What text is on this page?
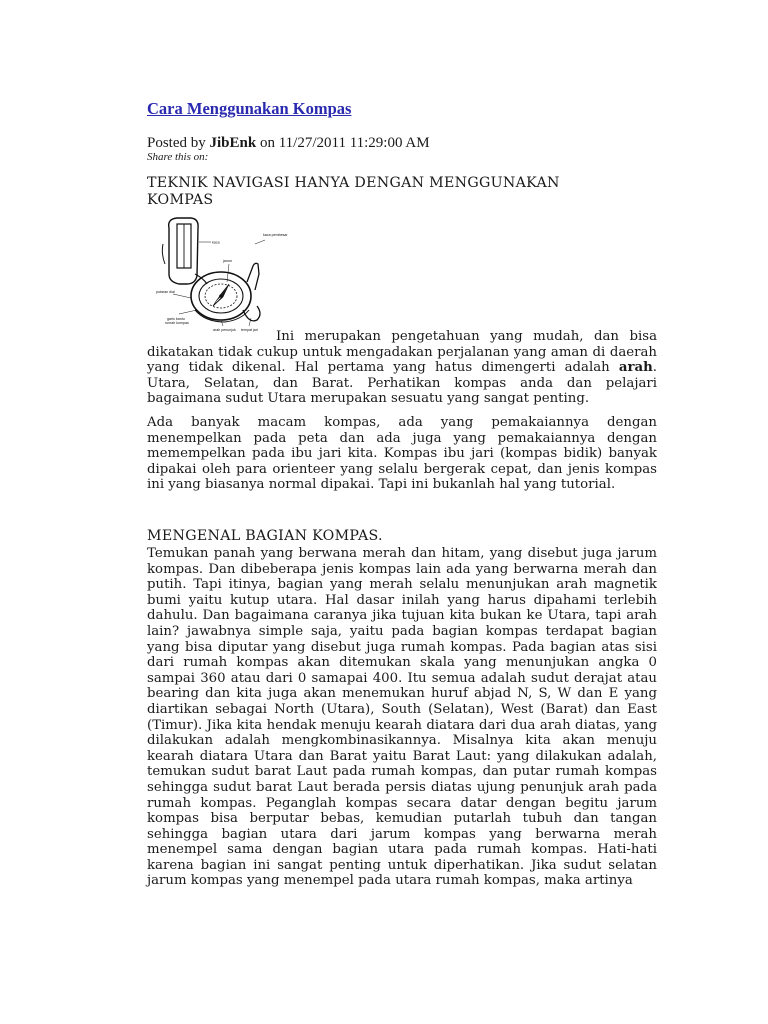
Cara Menggunakan Kompas
Posted by JibEnk on 11/27/2011 11:29:00 AM
Share this on:
TEKNIK NAVIGASI HANYA DENGAN MENGGUNAKAN KOMPAS
kaca
kaca pembesar
jarum
putaran dial
garis bantu
rumah kompas
arah penunjuk tempat jari	Ini merupakan pengetahuan yang mudah, dan bisa dikatakan tidak cukup untuk mengadakan perjalanan yang aman di daerah yang tidak dikenal. Hal pertama yang hatus dimengerti adalah arah. Utara, Selatan, dan Barat. Perhatikan kompas anda dan pelajari bagaimana sudut Utara merupakan sesuatu yang sangat penting.
Ada banyak macam kompas, ada yang pemakaiannya dengan menempelkan pada peta dan ada juga yang pemakaiannya dengan memempelkan pada ibu jari kita. Kompas ibu jari (kompas bidik) banyak dipakai oleh para orienteer yang selalu bergerak cepat, dan jenis kompas ini yang biasanya normal dipakai. Tapi ini bukanlah hal yang tutorial.
MENGENAL BAGIAN KOMPAS.
Temukan panah yang berwana merah dan hitam, yang disebut juga jarum kompas. Dan dibeberapa jenis kompas lain ada yang berwarna merah dan putih. Tapi itinya, bagian yang merah selalu menunjukan arah magnetik bumi yaitu kutup utara. Hal dasar inilah yang harus dipahami terlebih dahulu. Dan bagaimana caranya jika tujuan kita bukan ke Utara, tapi arah lain? jawabnya simple saja, yaitu pada bagian kompas terdapat bagian yang bisa diputar yang disebut juga rumah kompas. Pada bagian atas sisi dari rumah kompas akan ditemukan skala yang menunjukan angka 0 sampai 360 atau dari 0 samapai 400. Itu semua adalah sudut derajat atau bearing dan kita juga akan menemukan huruf abjad N, S, W dan E yang diartikan sebagai North (Utara), South (Selatan), West (Barat) dan East (Timur). Jika kita hendak menuju kearah diatara dari dua arah diatas, yang dilakukan adalah mengkombinasikannya. Misalnya kita akan menuju kearah diatara Utara dan Barat yaitu Barat Laut: yang dilakukan adalah, temukan sudut barat Laut pada rumah kompas, dan putar rumah kompas sehingga sudut barat Laut berada persis diatas ujung penunjuk arah pada rumah kompas. Peganglah kompas secara datar dengan begitu jarum kompas bisa berputar bebas, kemudian putarlah tubuh dan tangan sehingga bagian utara dari jarum kompas yang berwarna merah menempel sama dengan bagian utara pada rumah kompas. Hati-hati karena bagian ini sangat penting untuk diperhatikan. Jika sudut selatan jarum kompas yang menempel pada utara rumah kompas, maka artinya
